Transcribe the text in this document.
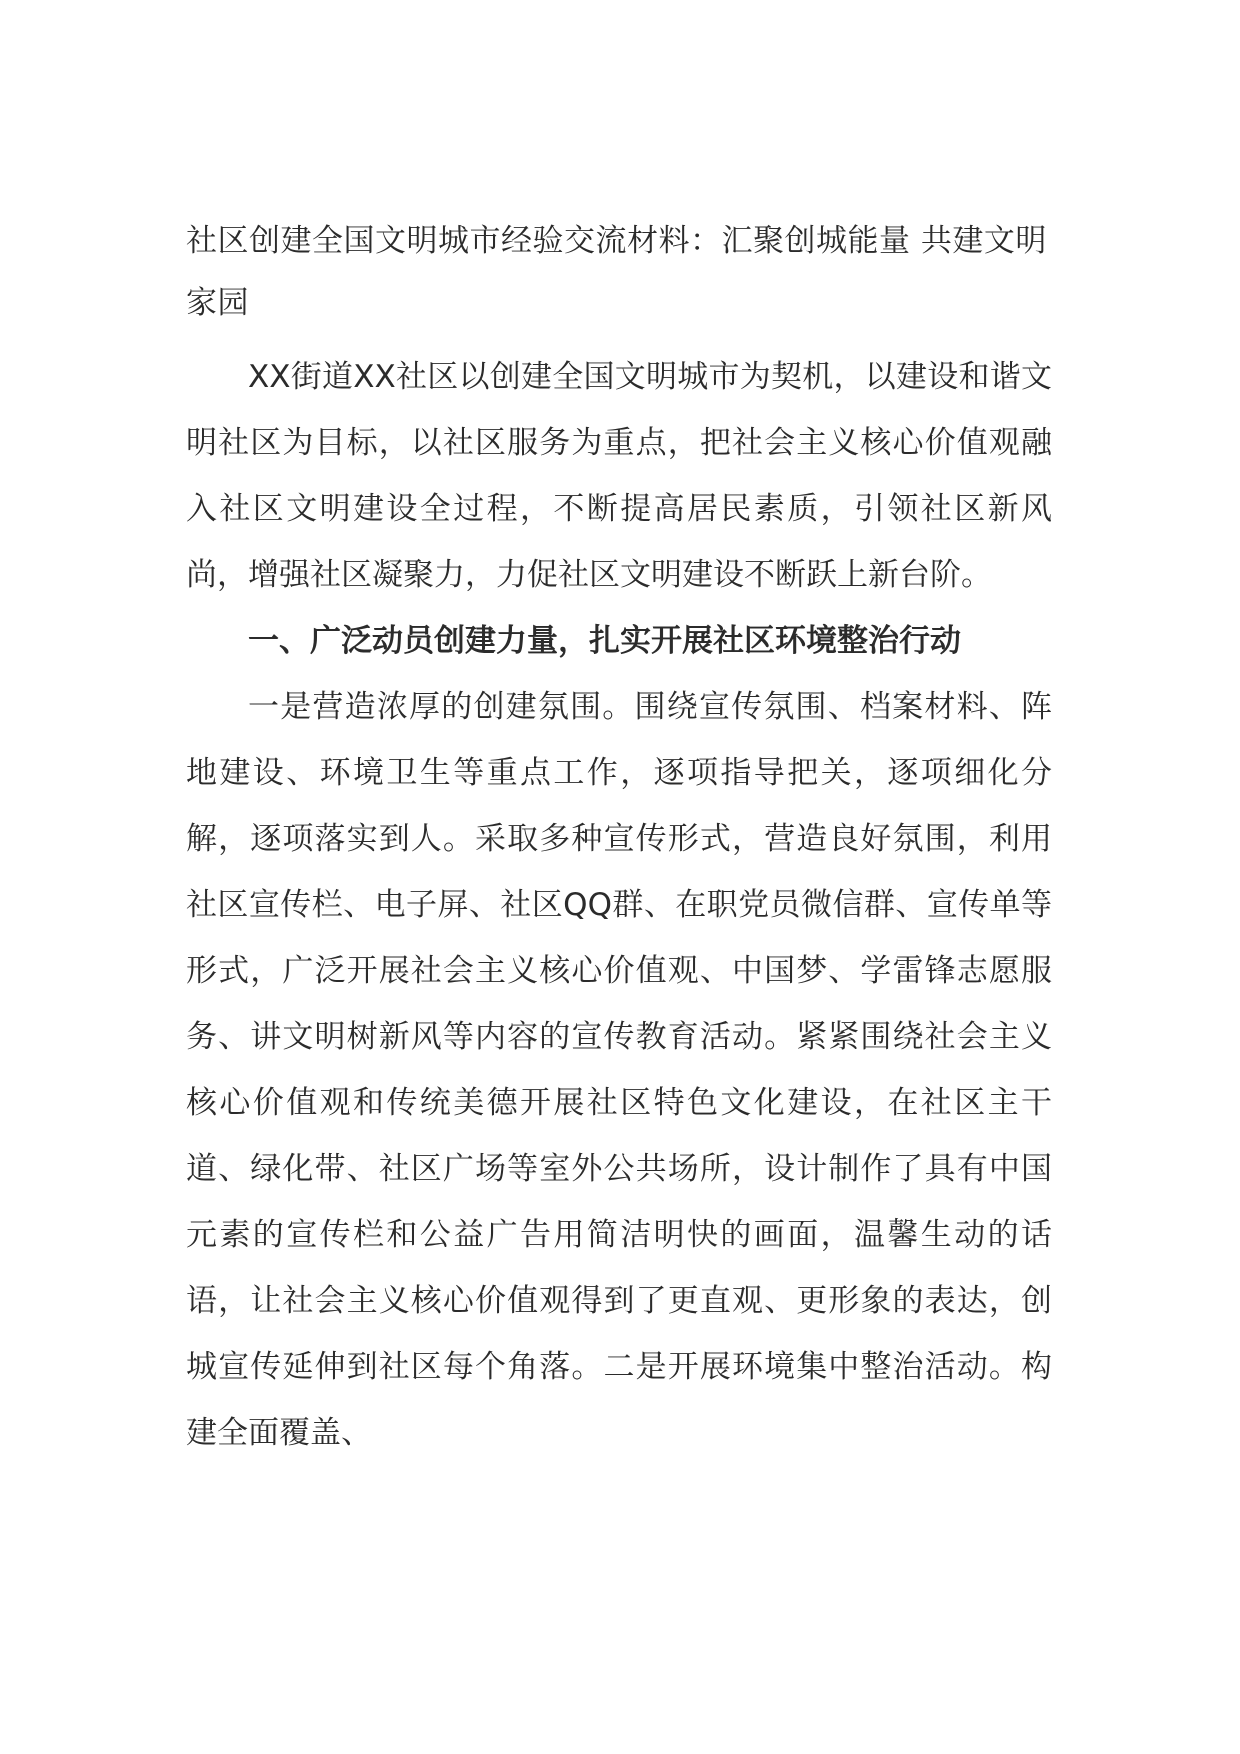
社区创建全国文明城市经验交流材料：汇聚创城能量 共建文明家园

XX街道XX社区以创建全国文明城市为契机，以建设和谐文明社区为目标，以社区服务为重点，把社会主义核心价值观融入社区文明建设全过程，不断提高居民素质，引领社区新风尚，增强社区凝聚力，力促社区文明建设不断跃上新台阶。

一、广泛动员创建力量，扎实开展社区环境整治行动

一是营造浓厚的创建氛围。围绕宣传氛围、档案材料、阵地建设、环境卫生等重点工作，逐项指导把关，逐项细化分解，逐项落实到人。采取多种宣传形式，营造良好氛围，利用社区宣传栏、电子屏、社区QQ群、在职党员微信群、宣传单等形式，广泛开展社会主义核心价值观、中国梦、学雷锋志愿服务、讲文明树新风等内容的宣传教育活动。紧紧围绕社会主义核心价值观和传统美德开展社区特色文化建设，在社区主干道、绿化带、社区广场等室外公共场所，设计制作了具有中国元素的宣传栏和公益广告用简洁明快的画面，温馨生动的话语，让社会主义核心价值观得到了更直观、更形象的表达，创城宣传延伸到社区每个角落。二是开展环境集中整治活动。构建全面覆盖、
